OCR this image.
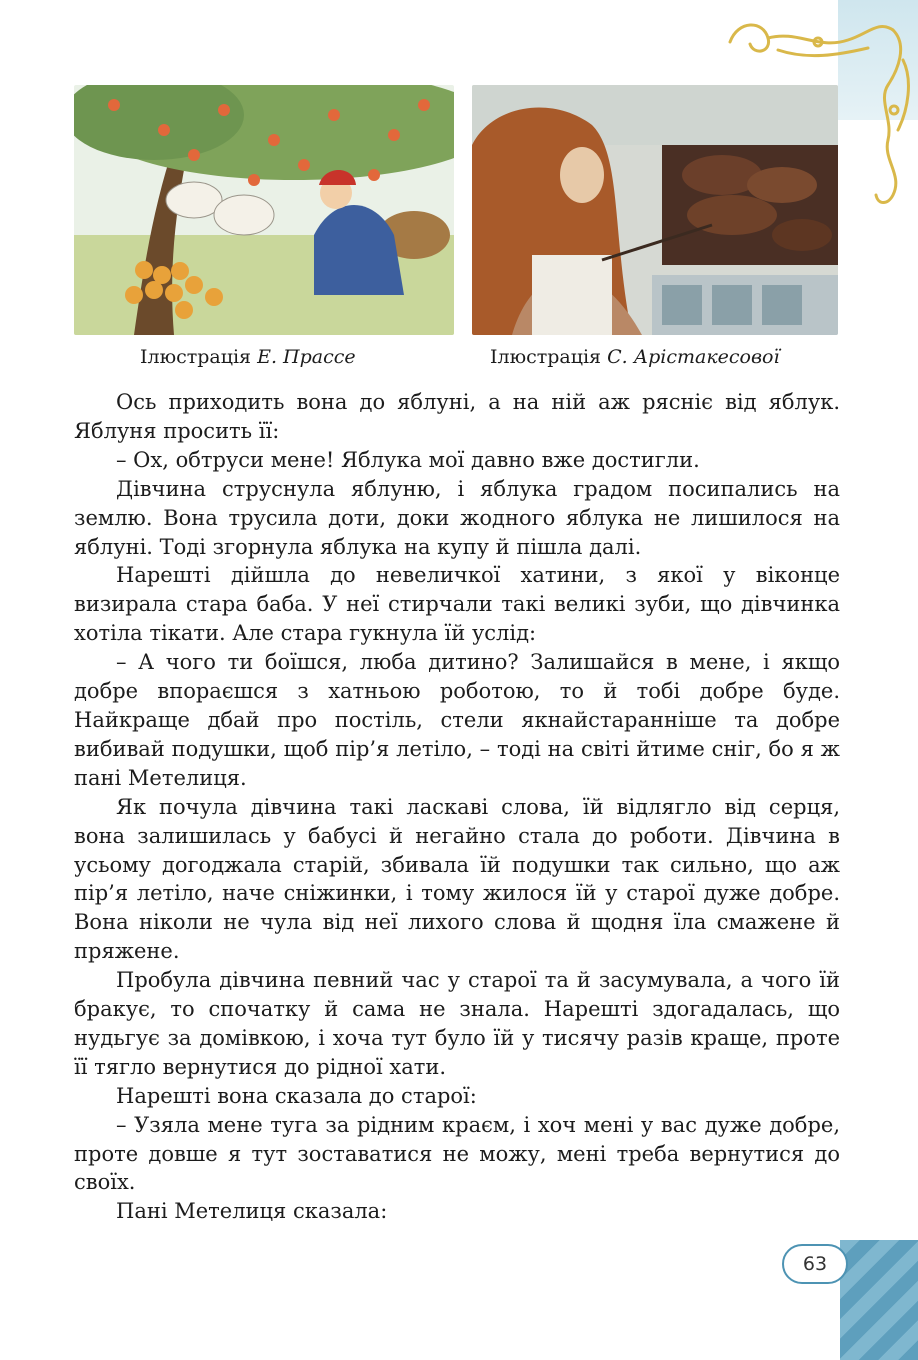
Ілюстрація Е. Прассе	Ілюстрація С. Арістакесової

Ось приходить вона до яблуні, а на ній аж ряснiє від яблук. Яблуня просить її:

– Ох, обтруси мене! Яблука мої давно вже достигли.

Дівчина струснула яблуню, і яблука градом посипались на землю. Вона трусила доти, доки жодного яблука не лишилося на яблуні. Тоді згорнула яблука на купу й пішла далі.

Нарешті дійшла до невеличкої хатини, з якої у віконце визирала стара баба. У неї стирчали такі великі зуби, що дівчинка хотіла тікати. Але стара гукнула їй услід:

– А чого ти боїшся, люба дитино? Залишайся в мене, і якщо добре впораєшся з хатньою роботою, то й тобі добре буде. Найкраще дбай про постіль, стели якнайстараннiше та добре вибивай подушки, щоб пір’я летіло, – тоді на світі йтиме сніг, бо я ж пані Метелиця.

Як почула дівчина такі ласкаві слова, їй відлягло від серця, вона залишилась у бабусі й негайно стала до роботи. Дівчина в усьому догоджала старій, збивала їй подушки так сильно, що аж пір’я летіло, наче сніжинки, і тому жилося їй у старої дуже добре. Вона ніколи не чула від неї лихого слова й щодня їла смажене й пряжене.

Пробула дівчина певний час у старої та й засумувала, а чого їй бракує, то спочатку й сама не знала. Нарешті здогадалась, що нудьгує за домівкою, і хоча тут було їй у тисячу разів краще, проте її тягло вернутися до рідної хати.

Нарешті вона сказала до старої:

– Узяла мене туга за рідним краєм, і хоч мені у вас дуже добре, проте довше я тут зоставатися не можу, мені треба вернутися до своїх.

Пані Метелиця сказала:

63
